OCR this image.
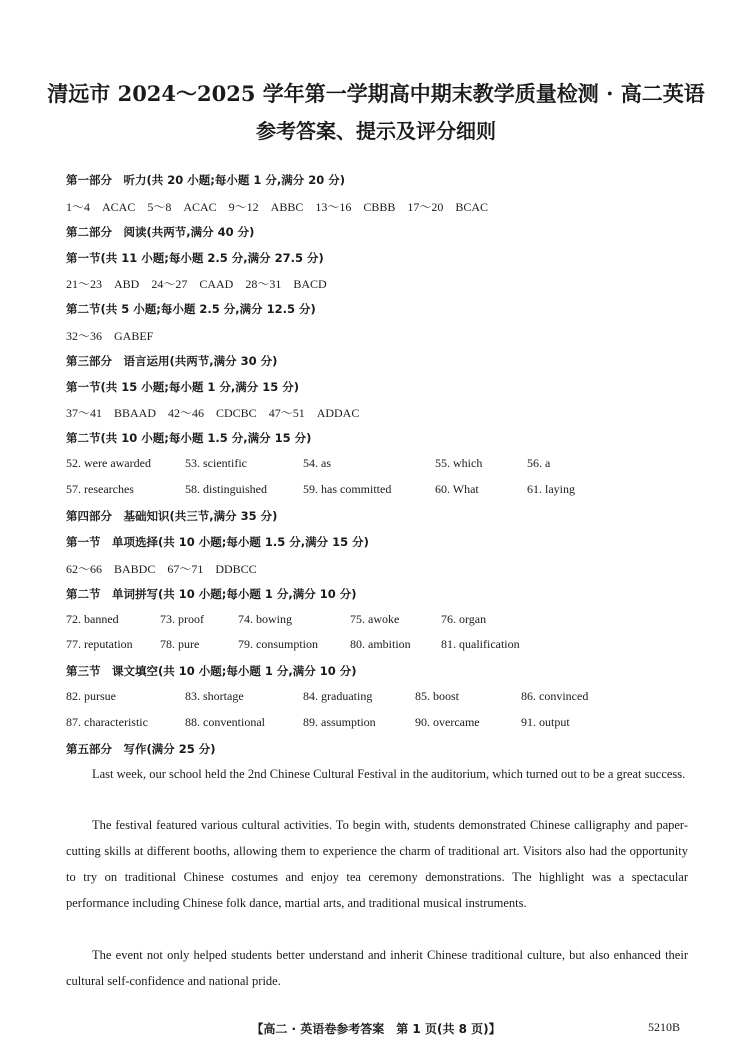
清远市 2024～2025 学年第一学期高中期末教学质量检测 · 高二英语
参考答案、提示及评分细则
第一部分　听力(共 20 小题;每小题 1 分,满分 20 分)
1～4　ACAC　5～8　ACAC　9～12　ABBC　13～16　CBBB　17～20　BCAC
第二部分　阅读(共两节,满分 40 分)
第一节(共 11 小题;每小题 2.5 分,满分 27.5 分)
21～23　ABD　24～27　CAAD　28～31　BACD
第二节(共 5 小题;每小题 2.5 分,满分 12.5 分)
32～36　GABEF
第三部分　语言运用(共两节,满分 30 分)
第一节(共 15 小题;每小题 1 分,满分 15 分)
37～41　BBAAD　42～46　CDCBC　47～51　ADDAC
第二节(共 10 小题;每小题 1.5 分,满分 15 分)
52. were awarded	53. scientific	54. as	55. which	56. a
57. researches	58. distinguished	59. has committed	60. What	61. laying
第四部分　基础知识(共三节,满分 35 分)
第一节　单项选择(共 10 小题;每小题 1.5 分,满分 15 分)
62～66　BABDC　67～71　DDBCC
第二节　单词拼写(共 10 小题;每小题 1 分,满分 10 分)
72. banned	73. proof	74. bowing	75. awoke	76. organ
77. reputation 78. pure	79. consumption	80. ambition	81. qualification
第三节　课文填空(共 10 小题;每小题 1 分,满分 10 分)
82. pursue	83. shortage	84. graduating	85. boost	86. convinced
87. characteristic	88. conventional	89. assumption	90. overcame	91. output
第五部分　写作(满分 25 分)

Last week, our school held the 2nd Chinese Cultural Festival in the auditorium, which turned out to be a great success.

The festival featured various cultural activities. To begin with, students demonstrated Chinese calligraphy and paper-cutting skills at different booths, allowing them to experience the charm of traditional art. Visitors also had the opportunity to try on traditional Chinese costumes and enjoy tea ceremony demonstrations. The highlight was a spectacular performance including Chinese folk dance, martial arts, and traditional musical instruments.

The event not only helped students better understand and inherit Chinese traditional culture, but also enhanced their cultural self-confidence and national pride.

【高二 · 英语卷参考答案　第 1 页(共 8 页)】	5210B
